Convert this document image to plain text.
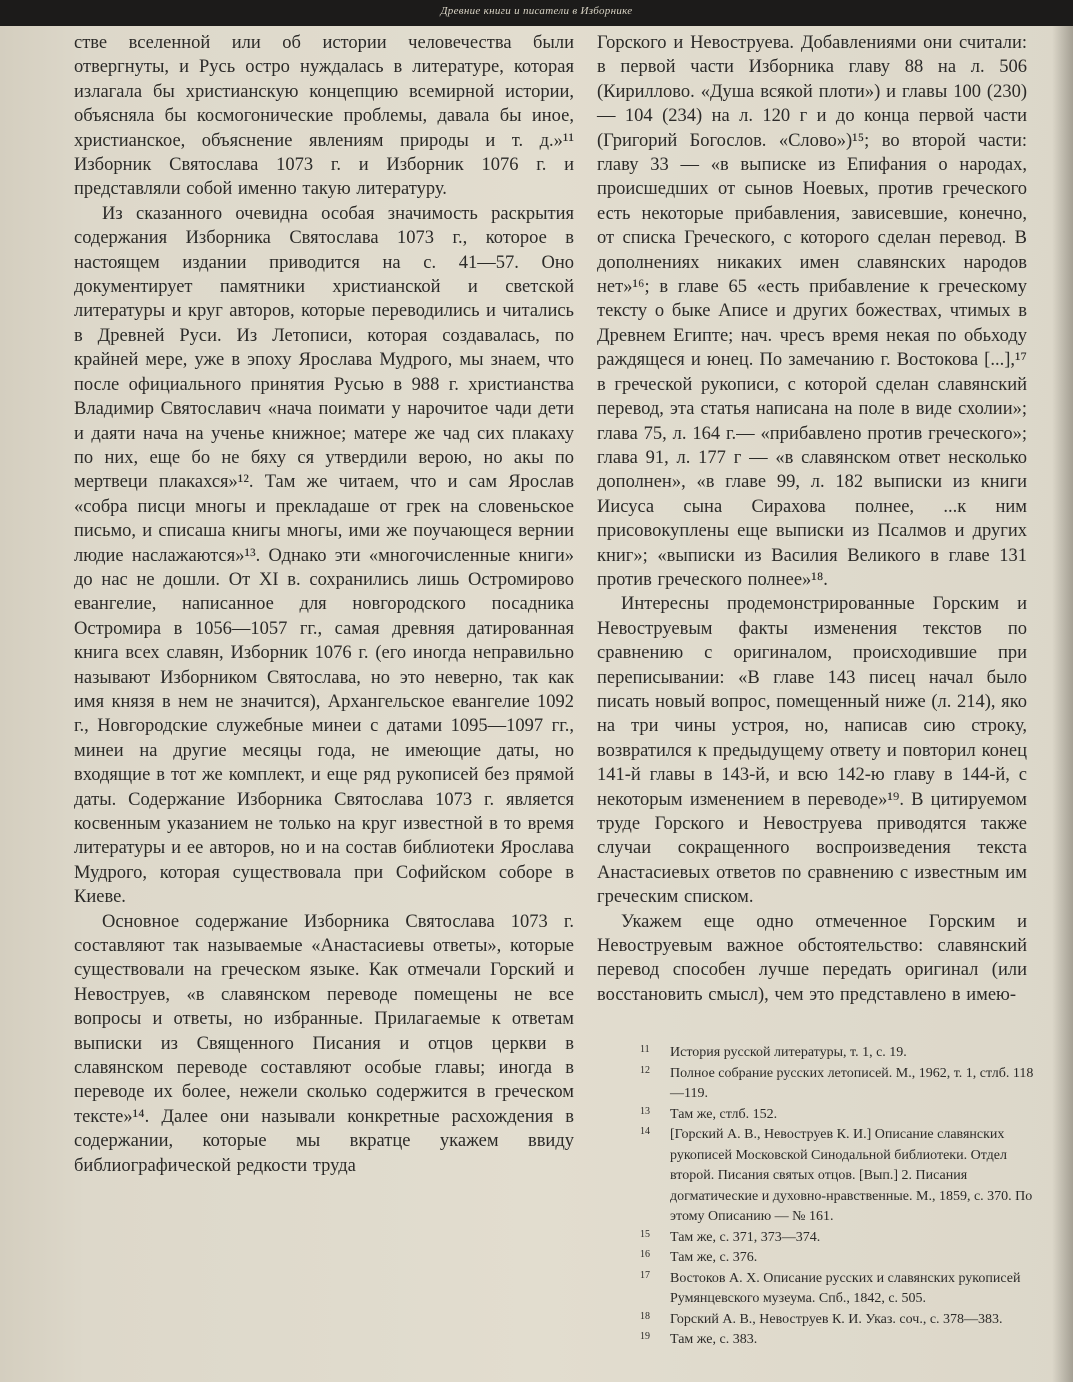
Древние книги и писатели в Изборнике

стве вселенной или об истории человечества были отвергнуты, и Русь остро нуждалась в литературе, которая излагала бы христианскую концепцию всемирной истории, объясняла бы космогонические проблемы, давала бы иное, христианское, объяснение явлениям природы и т. д.»¹¹ Изборник Святослава 1073 г. и Изборник 1076 г. и представляли собой именно такую литературу.

Из сказанного очевидна особая значимость раскрытия содержания Изборника Святослава 1073 г., которое в настоящем издании приводится на с. 41—57. Оно документирует памятники христианской и светской литературы и круг авторов, которые переводились и читались в Древней Руси. Из Летописи, которая создавалась, по крайней мере, уже в эпоху Ярослава Мудрого, мы знаем, что после официального принятия Русью в 988 г. христианства Владимир Святославич «нача поимати у нарочитое чади дети и даяти нача на ученье книжное; матере же чад сих плакаху по них, еще бо не бяху ся утвердили верою, но акы по мертвеци плакахся»¹². Там же читаем, что и сам Ярослав «собра писци многы и прекладаше от грек на словеньское письмо, и списаша книгы многы, ими же поучающеся вернии людие наслажаются»¹³. Однако эти «многочисленные книги» до нас не дошли. От XI в. сохранились лишь Остромирово евангелие, написанное для новгородского посадника Остромира в 1056—1057 гг., самая древняя датированная книга всех славян, Изборник 1076 г. (его иногда неправильно называют Изборником Святослава, но это неверно, так как имя князя в нем не значится), Архангельское евангелие 1092 г., Новгородские служебные минеи с датами 1095—1097 гг., минеи на другие месяцы года, не имеющие даты, но входящие в тот же комплект, и еще ряд рукописей без прямой даты. Содержание Изборника Святослава 1073 г. является косвенным указанием не только на круг известной в то время литературы и ее авторов, но и на состав библиотеки Ярослава Мудрого, которая существовала при Софийском соборе в Киеве.

Основное содержание Изборника Святослава 1073 г. составляют так называемые «Анастасиевы ответы», которые существовали на греческом языке. Как отмечали Горский и Невоструев, «в славянском переводе помещены не все вопросы и ответы, но избранные. Прилагаемые к ответам выписки из Священного Писания и отцов церкви в славянском переводе составляют особые главы; иногда в переводе их более, нежели сколько содержится в греческом тексте»¹⁴. Далее они называли конкретные расхождения в содержании, которые мы вкратце укажем ввиду библиографической редкости труда

Горского и Невоструева. Добавлениями они считали: в первой части Изборника главу 88 на л. 506 (Кириллово. «Душа всякой плоти») и главы 100 (230) — 104 (234) на л. 120 г и до конца первой части (Григорий Богослов. «Слово»)¹⁵; во второй части: главу 33 — «в выписке из Епифания о народах, происшедших от сынов Ноевых, против греческого есть некоторые прибавления, зависевшие, конечно, от списка Греческого, с которого сделан перевод. В дополнениях никаких имен славянских народов нет»¹⁶; в главе 65 «есть прибавление к греческому тексту о быке Аписе и других божествах, чтимых в Древнем Египте; нач. чресъ время некая по обьходу раждящеся и юнец. По замечанию г. Востокова [...],¹⁷ в греческой рукописи, с которой сделан славянский перевод, эта статья написана на поле в виде схолии»; глава 75, л. 164 г.— «прибавлено против греческого»; глава 91, л. 177 г — «в славянском ответ несколько дополнен», «в главе 99, л. 182 выписки из книги Иисуса сына Сирахова полнее, ...к ним присовокуплены еще выписки из Псалмов и других книг»; «выписки из Василия Великого в главе 131 против греческого полнее»¹⁸.

Интересны продемонстрированные Горским и Невоструевым факты изменения текстов по сравнению с оригиналом, происходившие при переписывании: «В главе 143 писец начал было писать новый вопрос, помещенный ниже (л. 214), яко на три чины устроя, но, написав сию строку, возвратился к предыдущему ответу и повторил конец 141-й главы в 143-й, и всю 142-ю главу в 144-й, с некоторым изменением в переводе»¹⁹. В цитируемом труде Горского и Невоструева приводятся также случаи сокращенного воспроизведения текста Анастасиевых ответов по сравнению с известным им греческим списком.

Укажем еще одно отмеченное Горским и Невоструевым важное обстоятельство: славянский перевод способен лучше передать оригинал (или восстановить смысл), чем это представлено в имею-

11 История русской литературы, т. 1, с. 19.
12 Полное собрание русских летописей. М., 1962, т. 1, стлб. 118—119.
13 Там же, стлб. 152.
14 [Горский А. В., Невоструев К. И.] Описание славянских рукописей Московской Синодальной библиотеки. Отдел второй. Писания святых отцов. [Вып.] 2. Писания догматические и духовно-нравственные. М., 1859, с. 370. По этому Описанию — № 161.
15 Там же, с. 371, 373—374.
16 Там же, с. 376.
17 Востоков А. Х. Описание русских и славянских рукописей Румянцевского музеума. Спб., 1842, с. 505.
18 Горский А. В., Невоструев К. И. Указ. соч., с. 378—383.
19 Там же, с. 383.
